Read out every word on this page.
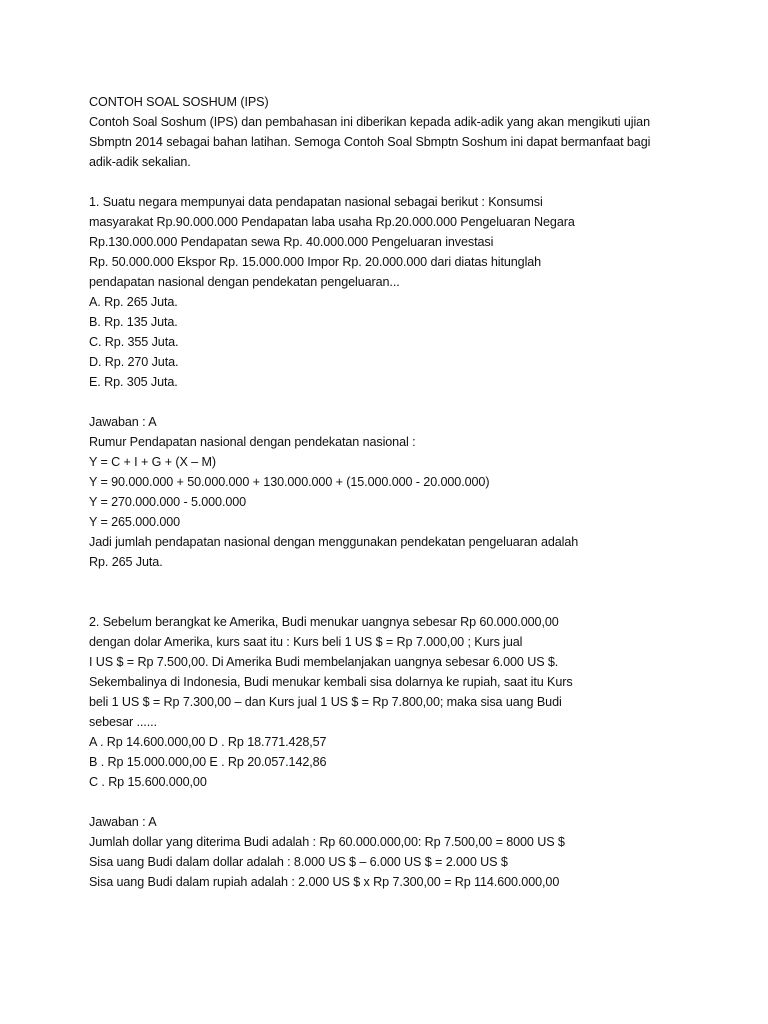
CONTOH SOAL SOSHUM (IPS)
Contoh Soal Soshum (IPS) dan pembahasan ini diberikan kepada adik-adik yang akan mengikuti ujian
Sbmptn 2014 sebagai bahan latihan. Semoga Contoh Soal Sbmptn Soshum ini dapat bermanfaat bagi
adik-adik sekalian.
1. Suatu negara mempunyai data pendapatan nasional sebagai berikut : Konsumsi
masyarakat Rp.90.000.000 Pendapatan laba usaha Rp.20.000.000 Pengeluaran Negara
Rp.130.000.000 Pendapatan sewa Rp. 40.000.000 Pengeluaran investasi
Rp. 50.000.000 Ekspor Rp. 15.000.000 Impor Rp. 20.000.000 dari diatas hitunglah
pendapatan nasional dengan pendekatan pengeluaran...
A. Rp. 265 Juta.
B. Rp. 135 Juta.
C. Rp. 355 Juta.
D. Rp. 270 Juta.
E. Rp. 305 Juta.
Jawaban : A
Rumur Pendapatan nasional dengan pendekatan nasional :
Y = C + I + G + (X – M)
Y = 90.000.000 + 50.000.000 + 130.000.000 + (15.000.000 - 20.000.000)
Y = 270.000.000 - 5.000.000
Y = 265.000.000
Jadi jumlah pendapatan nasional dengan menggunakan pendekatan pengeluaran adalah
Rp. 265 Juta.
2. Sebelum berangkat ke Amerika, Budi menukar uangnya sebesar Rp 60.000.000,00
dengan dolar Amerika, kurs saat itu : Kurs beli 1 US $ = Rp 7.000,00 ; Kurs jual
I US $ = Rp 7.500,00. Di Amerika Budi membelanjakan uangnya sebesar 6.000 US $.
Sekembalinya di Indonesia, Budi menukar kembali sisa dolarnya ke rupiah, saat itu Kurs
beli 1 US $ = Rp 7.300,00 – dan Kurs jual 1 US $ = Rp 7.800,00; maka sisa uang Budi
sebesar ......
A . Rp 14.600.000,00 D . Rp 18.771.428,57
B . Rp 15.000.000,00 E . Rp 20.057.142,86
C . Rp 15.600.000,00
Jawaban : A
Jumlah dollar yang diterima Budi adalah : Rp 60.000.000,00: Rp 7.500,00 = 8000 US $
Sisa uang Budi dalam dollar adalah : 8.000 US $ – 6.000 US $ = 2.000 US $
Sisa uang Budi dalam rupiah adalah : 2.000 US $ x Rp 7.300,00 = Rp 114.600.000,00
